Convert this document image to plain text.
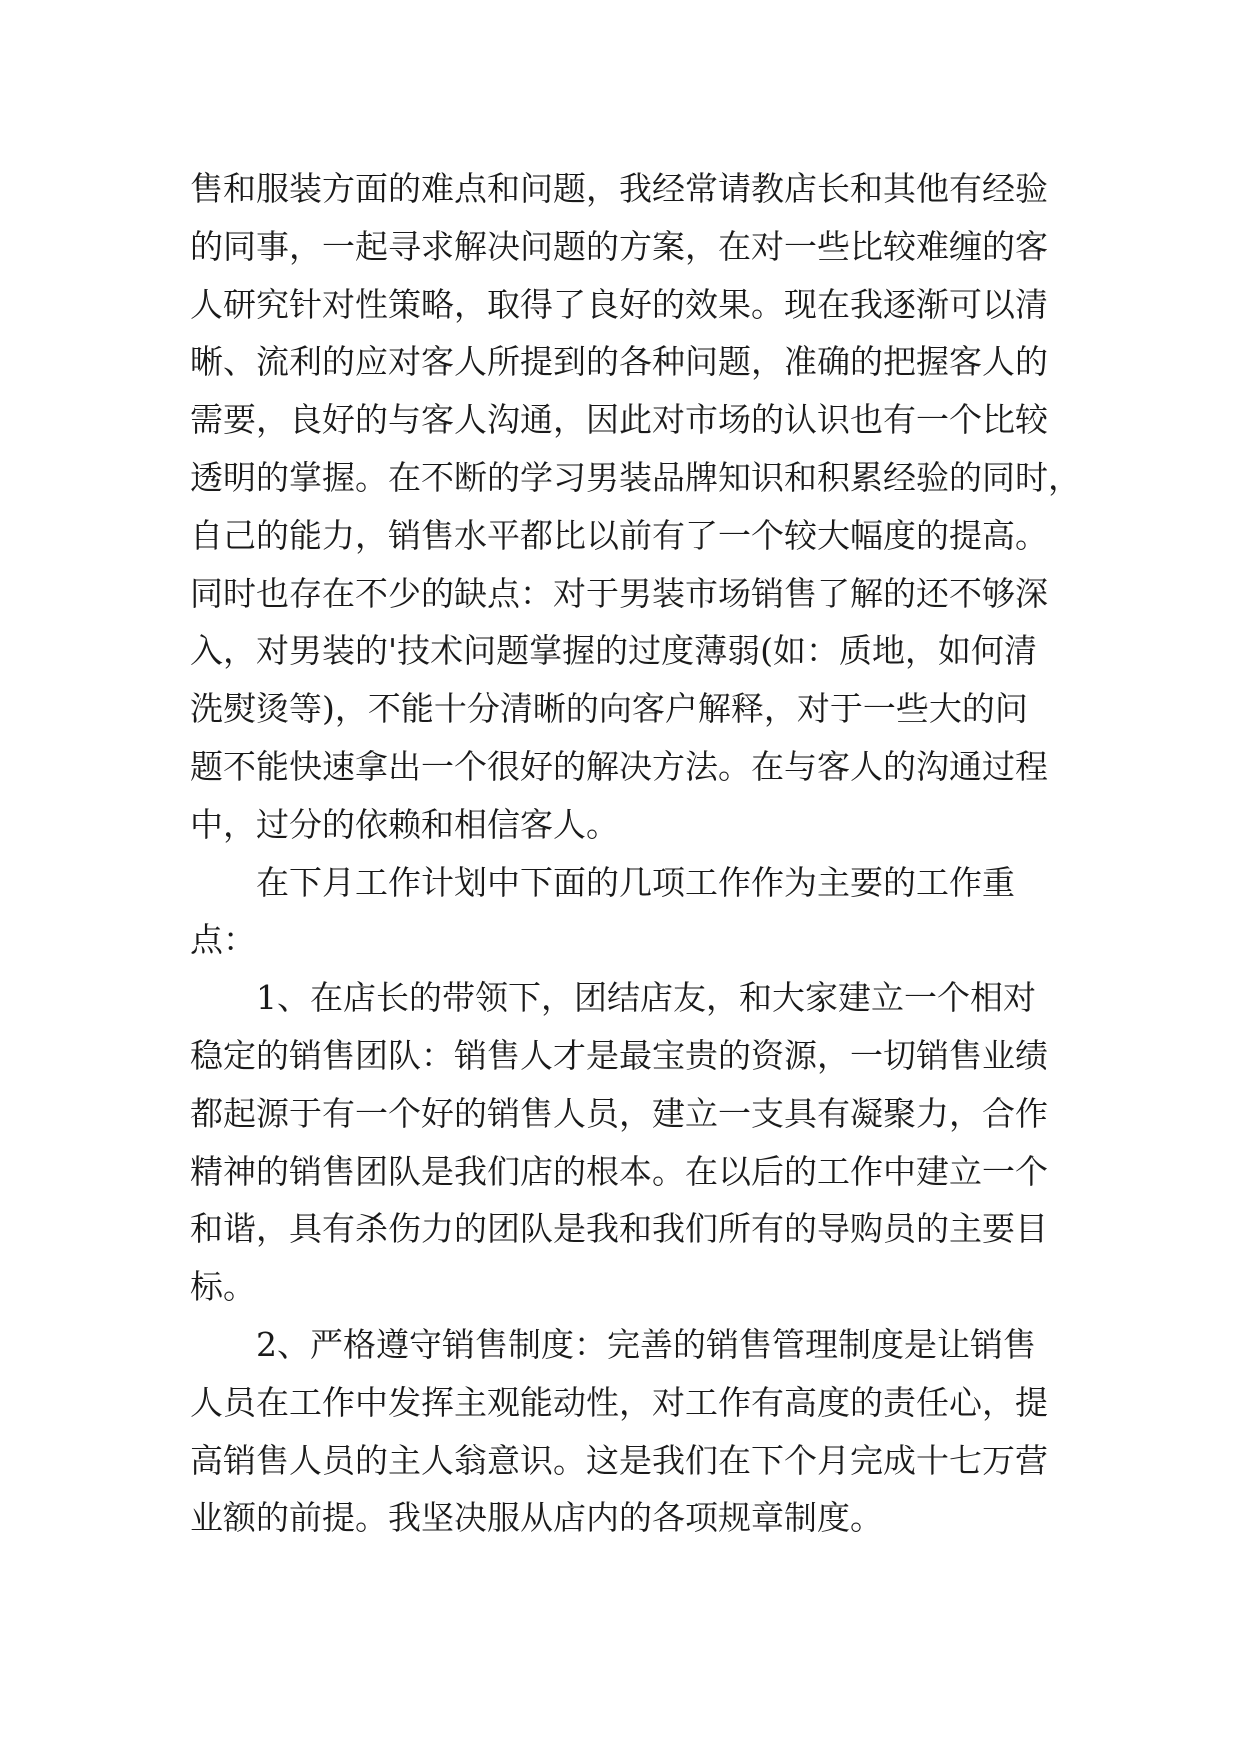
售和服装方面的难点和问题，我经常请教店长和其他有经验
的同事，一起寻求解决问题的方案，在对一些比较难缠的客
人研究针对性策略，取得了良好的效果。现在我逐渐可以清
晰、流利的应对客人所提到的各种问题，准确的把握客人的
需要，良好的与客人沟通，因此对市场的认识也有一个比较
透明的掌握。在不断的学习男装品牌知识和积累经验的同时，
自己的能力，销售水平都比以前有了一个较大幅度的提高。
同时也存在不少的缺点：对于男装市场销售了解的还不够深
入，对男装的'技术问题掌握的过度薄弱(如：质地，如何清
洗熨烫等)，不能十分清晰的向客户解释，对于一些大的问
题不能快速拿出一个很好的解决方法。在与客人的沟通过程
中，过分的依赖和相信客人。
　　在下月工作计划中下面的几项工作作为主要的工作重
点：
　　1、在店长的带领下，团结店友，和大家建立一个相对
稳定的销售团队：销售人才是最宝贵的资源，一切销售业绩
都起源于有一个好的销售人员，建立一支具有凝聚力，合作
精神的销售团队是我们店的根本。在以后的工作中建立一个
和谐，具有杀伤力的团队是我和我们所有的导购员的主要目
标。
　　2、严格遵守销售制度：完善的销售管理制度是让销售
人员在工作中发挥主观能动性，对工作有高度的责任心，提
高销售人员的主人翁意识。这是我们在下个月完成十七万营
业额的前提。我坚决服从店内的各项规章制度。
